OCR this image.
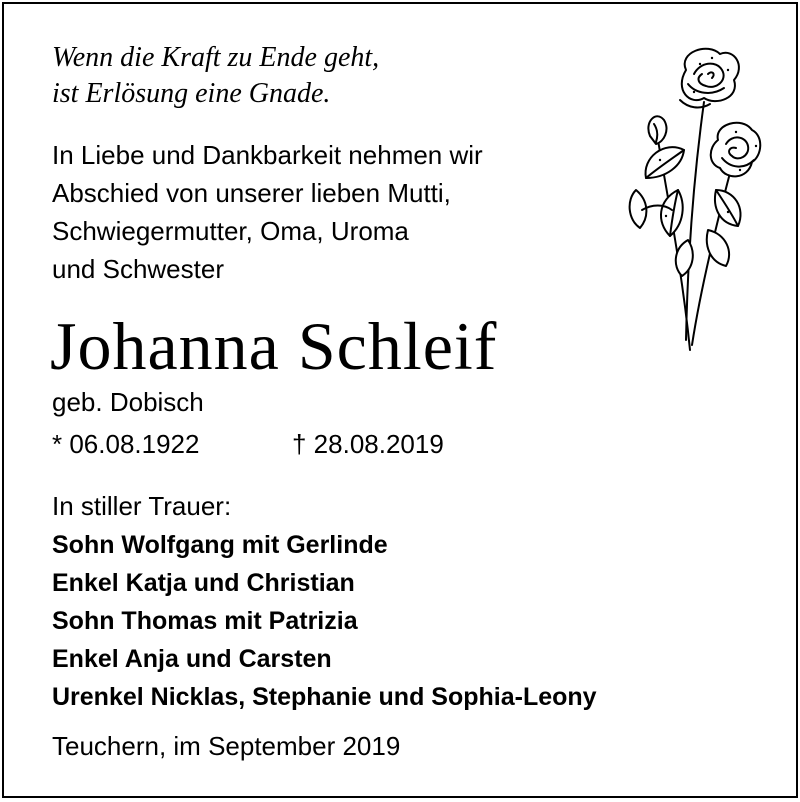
Wenn die Kraft zu Ende geht,
ist Erlösung eine Gnade.

In Liebe und Dankbarkeit nehmen wir
Abschied von unserer lieben Mutti,
Schwiegermutter, Oma, Uroma
und Schwester

Johanna Schleif
geb. Dobisch
* 06.08.1922	† 28.08.2019
In stiller Trauer:
Sohn Wolfgang mit Gerlinde
Enkel Katja und Christian
Sohn Thomas mit Patrizia
Enkel Anja und Carsten
Urenkel Nicklas, Stephanie und Sophia-Leony
Teuchern, im September 2019
